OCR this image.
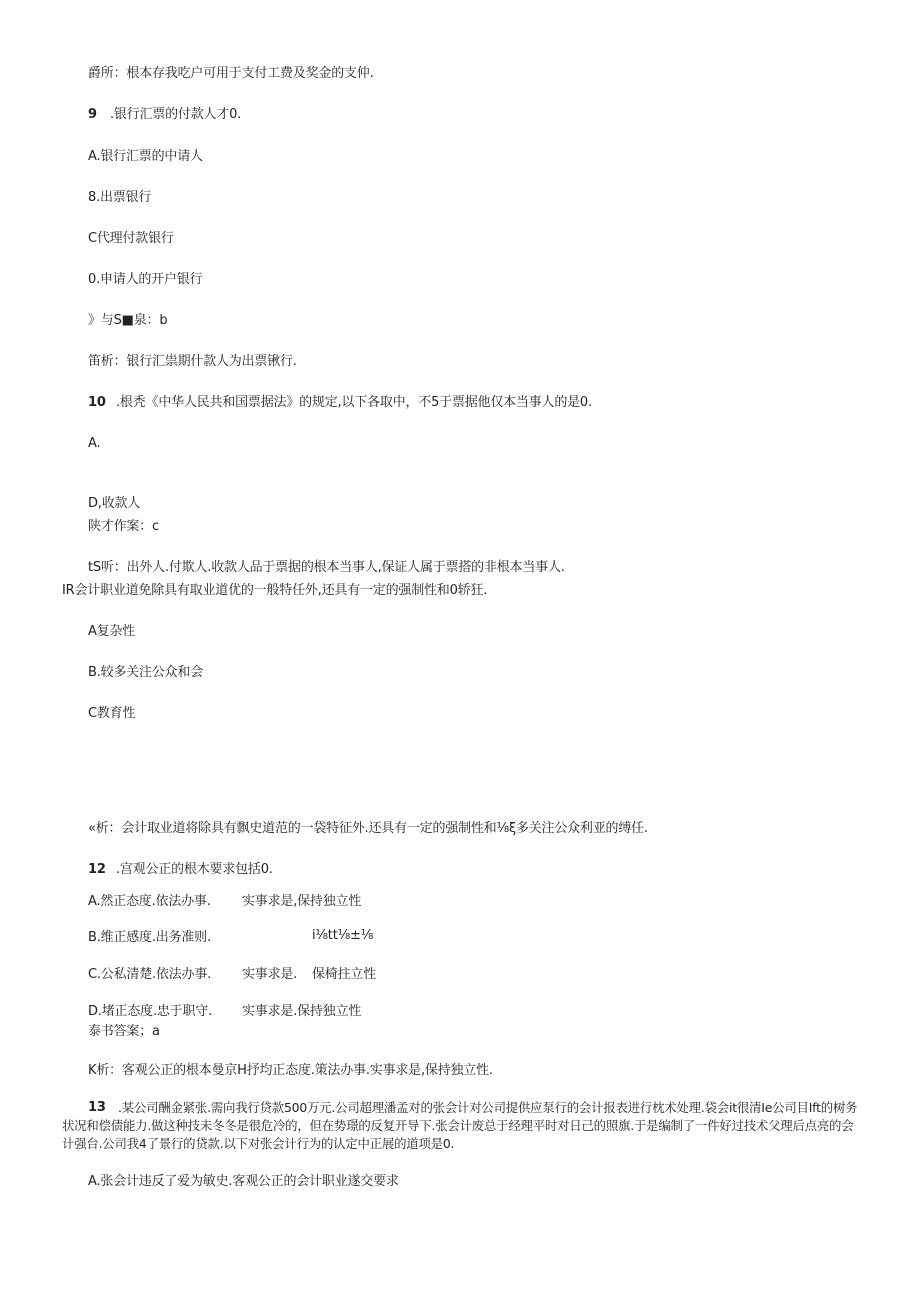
爵所：根本存我吃户可用于支付工费及奖金的支仲.
9 .银行汇票的付款人才0.
A.银行汇票的中请人
8.出票银行
C代理付款银行
0.申请人的开户银行
》与S■泉：b
笛析：银行汇祟期什款人为出票锹行.
10 .根秃《中华人民共和国票据法》的规定,以下各取中，不5于票据他仅本当事人的是0.
A.
D,收款人
陕才作案：c
tS听：出外人.付欺人.收款人品于票据的根本当事人,保证人属于票搭的非根本当事人.
IR会计职业道免除具有取业道优的一般特任外,还具有一定的强制性和0轿狂.
A复杂性
B.较多关注公众和会
C教育性
«析：会计取业道将除具有飘史道范的一袋特征外.还具有一定的强制性和⅛ξ多关注公众利亚的缚任.
12 .宫观公正的根木要求包括0.
A.然正态度.依法办事. 实事求是,保持独立性
B.维正感度.出务准则.	i⅛tt⅛±⅛
C.公私清楚.依法办事. 实事求是. 保椅拄立性
D.堵正态度.忠于职守. 实事求是.保持独立性
泰书答案；a
K析：客观公正的根本曼京H抒均正态度.策法办事.实事求是,保持独立性.
13 .某公司酬金紧张.需向我行贷款500万元.公司超理潘孟对的张会计对公司提供应泵行的会计报表进行枕术处理.袋会it很清Ie公司目Ift的树务状况和偿债能力.做这种技未冬冬是很危冷的，但在势璟的反复开导下.张会计废总于经理平时对日己的照旗.于是编制了一件好过技术父理后点亮的会计强台.公司我4了景行的贷款.以下对张会计行为的认定中正展的道项是0.
A.张会计违反了爱为敏史.客观公正的会计职业遂交要求
